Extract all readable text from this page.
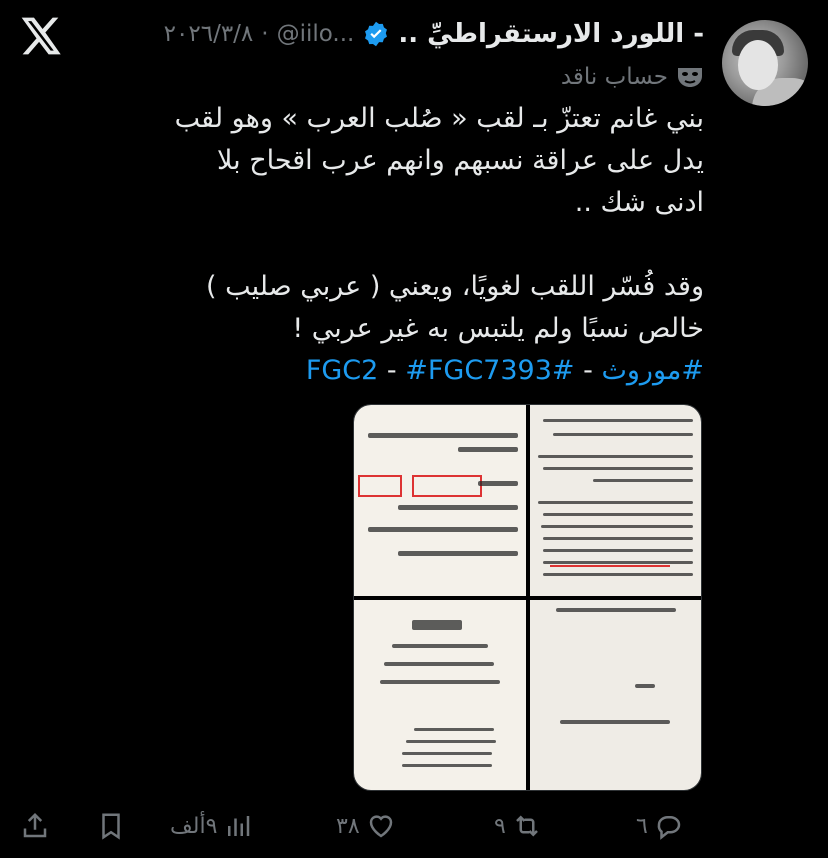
- اللورد الارستقراطيِّ ..
@iilo...
·
٢٠٢٦/٣/٨
حساب ناقد

بني غانم تعتزّ بـ لقب « صُلب العرب » وهو لقب

يدل على عراقة نسبهم وانهم عرب اقحاح بلا

ادنى شك ..

وقد فُسّر اللقب لغويًا، ويعني ( عربي صليب )

خالص نسبًا ولم يلتبس به غير عربي !

#موروث - #FGC2 - #FGC7393

٩ألف	٣٨	٩	٦
